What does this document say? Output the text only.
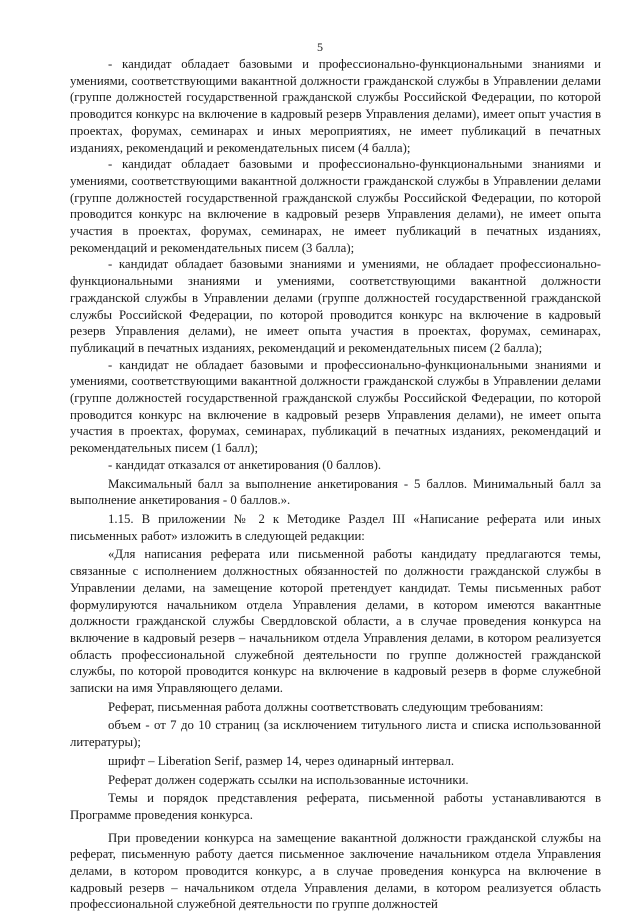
5

- кандидат обладает базовыми и профессионально-функциональными знаниями и умениями, соответствующими вакантной должности гражданской службы в Управлении делами (группе должностей государственной гражданской службы Российской Федерации, по которой проводится конкурс на включение в кадровый резерв Управления делами), имеет опыт участия в проектах, форумах, семинарах и иных мероприятиях, не имеет публикаций в печатных изданиях, рекомендаций и рекомендательных писем (4 балла);

- кандидат обладает базовыми и профессионально-функциональными знаниями и умениями, соответствующими вакантной должности гражданской службы в Управлении делами (группе должностей государственной гражданской службы Российской Федерации, по которой проводится конкурс на включение в кадровый резерв Управления делами), не имеет опыта участия в проектах, форумах, семинарах, не имеет публикаций в печатных изданиях, рекомендаций и рекомендательных писем (3 балла);

- кандидат обладает базовыми знаниями и умениями, не обладает профессионально-функциональными знаниями и умениями, соответствующими вакантной должности гражданской службы в Управлении делами (группе должностей государственной гражданской службы Российской Федерации, по которой проводится конкурс на включение в кадровый резерв Управления делами), не имеет опыта участия в проектах, форумах, семинарах, публикаций в печатных изданиях, рекомендаций и рекомендательных писем (2 балла);

- кандидат не обладает базовыми и профессионально-функциональными знаниями и умениями, соответствующими вакантной должности гражданской службы в Управлении делами (группе должностей государственной гражданской службы Российской Федерации, по которой проводится конкурс на включение в кадровый резерв Управления делами), не имеет опыта участия в проектах, форумах, семинарах, публикаций в печатных изданиях, рекомендаций и рекомендательных писем (1 балл);

- кандидат отказался от анкетирования (0 баллов).

Максимальный балл за выполнение анкетирования - 5 баллов. Минимальный балл за выполнение анкетирования - 0 баллов.».

1.15. В приложении № 2 к Методике Раздел III «Написание реферата или иных письменных работ» изложить в следующей редакции:

«Для написания реферата или письменной работы кандидату предлагаются темы, связанные с исполнением должностных обязанностей по должности гражданской службы в Управлении делами, на замещение которой претендует кандидат. Темы письменных работ формулируются начальником отдела Управления делами, в котором имеются вакантные должности гражданской службы Свердловской области, а в случае проведения конкурса на включение в кадровый резерв – начальником отдела Управления делами, в котором реализуется область профессиональной служебной деятельности по группе должностей гражданской службы, по которой проводится конкурс на включение в кадровый резерв в форме служебной записки на имя Управляющего делами.

Реферат, письменная работа должны соответствовать следующим требованиям:

объем - от 7 до 10 страниц (за исключением титульного листа и списка использованной литературы);

шрифт – Liberation Serif, размер 14, через одинарный интервал.

Реферат должен содержать ссылки на использованные источники.

Темы и порядок представления реферата, письменной работы устанавливаются в Программе проведения конкурса.

При проведении конкурса на замещение вакантной должности гражданской службы на реферат, письменную работу дается письменное заключение начальником отдела Управления делами, в котором проводится конкурс, а в случае проведения конкурса на включение в кадровый резерв – начальником отдела Управления делами, в котором реализуется область профессиональной служебной деятельности по группе должностей
